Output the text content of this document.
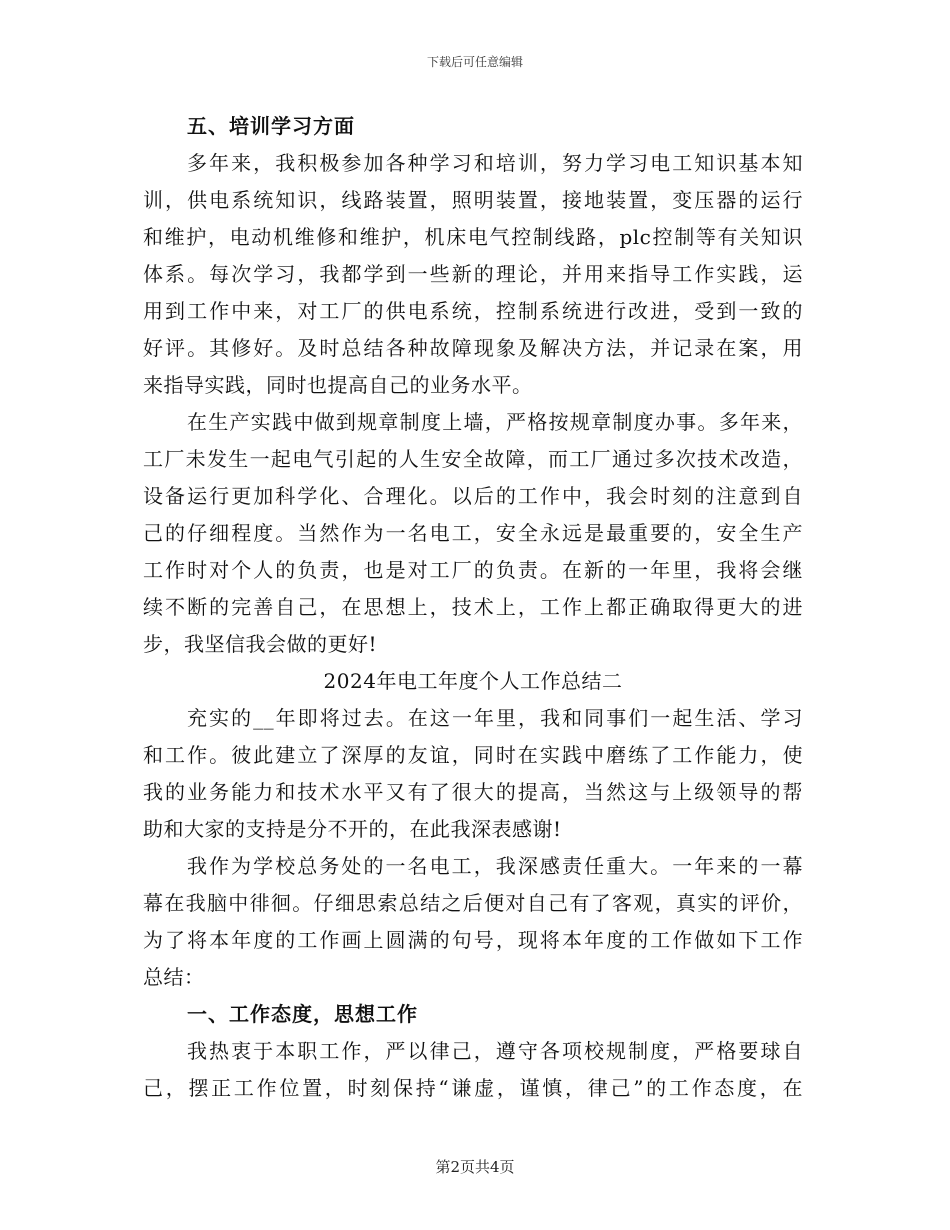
下载后可任意编辑
五、培训学习方面
多年来，我积极参加各种学习和培训，努力学习电工知识基本知
训，供电系统知识，线路装置，照明装置，接地装置，变压器的运行
和维护，电动机维修和维护，机床电气控制线路，plc控制等有关知识
体系。每次学习，我都学到一些新的理论，并用来指导工作实践，运
用到工作中来，对工厂的供电系统，控制系统进行改进，受到一致的
好评。其修好。及时总结各种故障现象及解决方法，并记录在案，用
来指导实践，同时也提高自己的业务水平。
在生产实践中做到规章制度上墙，严格按规章制度办事。多年来，
工厂未发生一起电气引起的人生安全故障，而工厂通过多次技术改造，
设备运行更加科学化、合理化。以后的工作中，我会时刻的注意到自
己的仔细程度。当然作为一名电工，安全永远是最重要的，安全生产
工作时对个人的负责，也是对工厂的负责。在新的一年里，我将会继
续不断的完善自己，在思想上，技术上，工作上都正确取得更大的进
步，我坚信我会做的更好!
2024年电工年度个人工作总结二
充实的__年即将过去。在这一年里，我和同事们一起生活、学习
和工作。彼此建立了深厚的友谊，同时在实践中磨练了工作能力，使
我的业务能力和技术水平又有了很大的提高，当然这与上级领导的帮
助和大家的支持是分不开的，在此我深表感谢!
我作为学校总务处的一名电工，我深感责任重大。一年来的一幕
幕在我脑中徘徊。仔细思索总结之后便对自己有了客观，真实的评价，
为了将本年度的工作画上圆满的句号，现将本年度的工作做如下工作
总结：
一、工作态度，思想工作
我热衷于本职工作，严以律己，遵守各项校规制度，严格要球自
己，摆正工作位置，时刻保持“谦虚，谨慎，律己”的工作态度，在
第2页共4页
